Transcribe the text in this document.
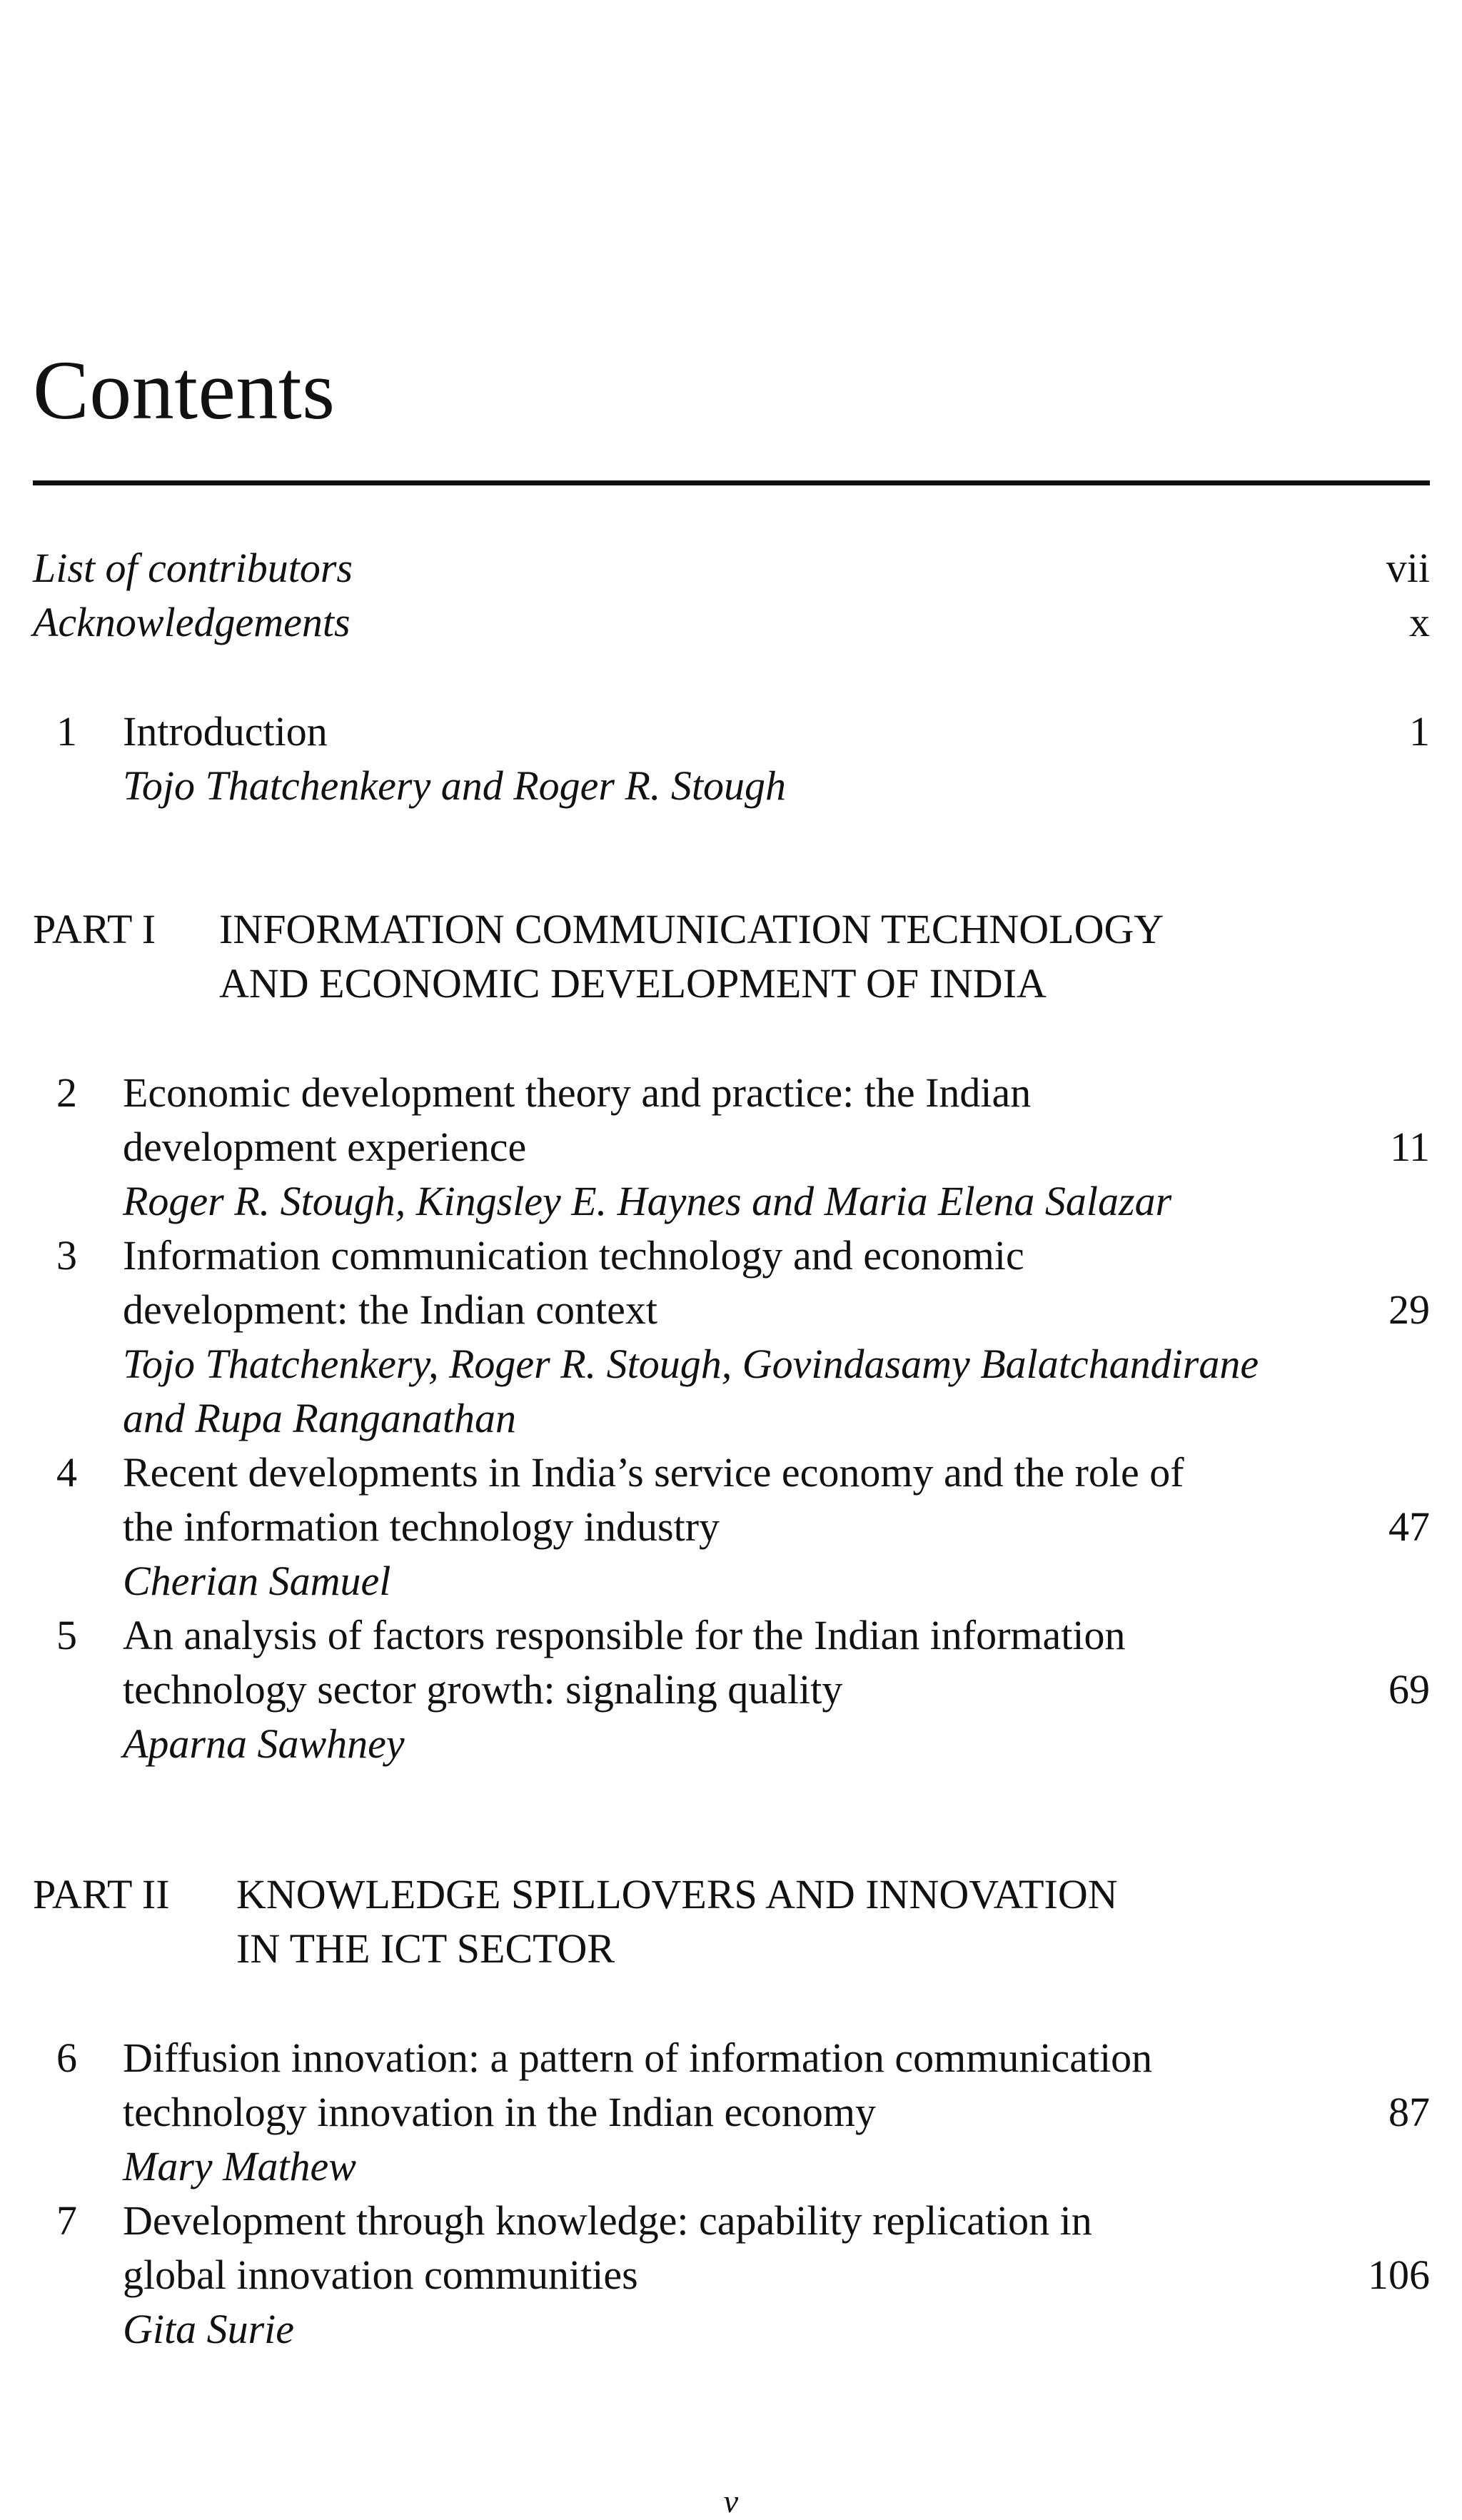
Contents
List of contributors	vii
Acknowledgements	x
1 Introduction	1
Tojo Thatchenkery and Roger R. Stough
PART I INFORMATION COMMUNICATION TECHNOLOGY
AND ECONOMIC DEVELOPMENT OF INDIA
2 Economic development theory and practice: the Indian
development experience	11
Roger R. Stough, Kingsley E. Haynes and Maria Elena Salazar
3 Information communication technology and economic
development: the Indian context	29
Tojo Thatchenkery, Roger R. Stough, Govindasamy Balatchandirane
and Rupa Ranganathan
4 Recent developments in India’s service economy and the role of
the information technology industry	47
Cherian Samuel
5 An analysis of factors responsible for the Indian information
technology sector growth: signaling quality	69
Aparna Sawhney
PART II KNOWLEDGE SPILLOVERS AND INNOVATION
IN THE ICT SECTOR
6 Diffusion innovation: a pattern of information communication
technology innovation in the Indian economy	87
Mary Mathew
7 Development through knowledge: capability replication in
global innovation communities	106
Gita Surie
v
